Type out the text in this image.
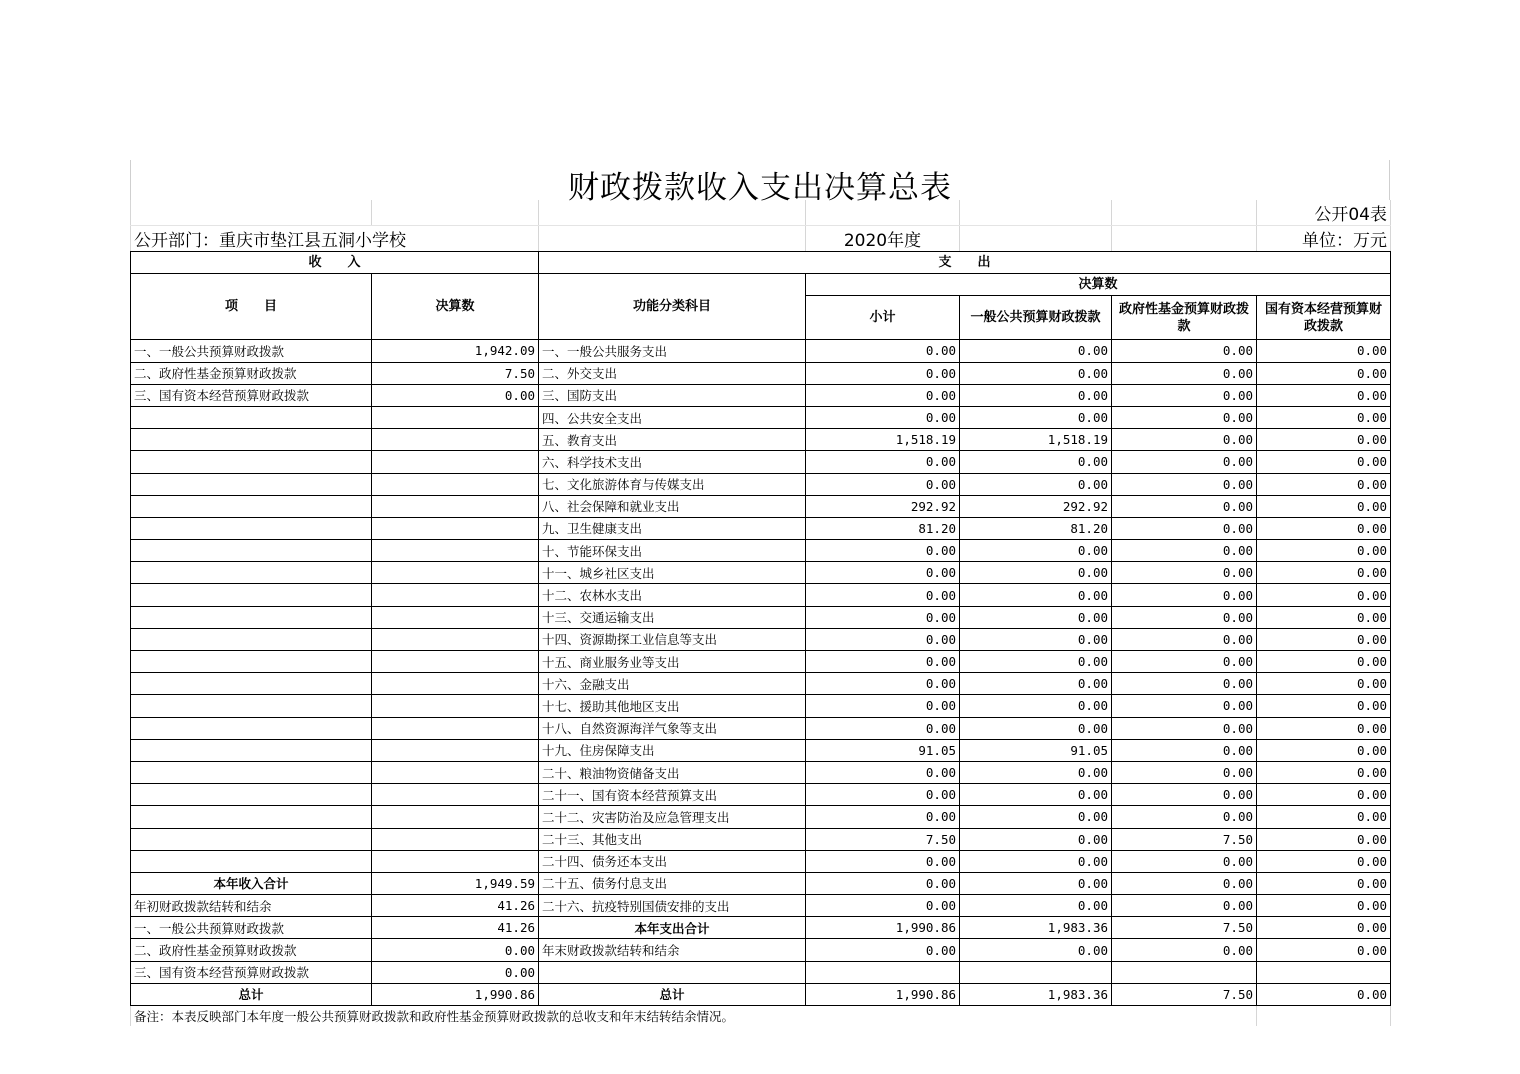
财政拨款收入支出决算总表
						公开04表
公开部门：重庆市垫江县五洞小学校			2020年度			单位：万元
收　　入		支　　出				
项　　目	决算数	功能分类科目	决算数			
			小计	一般公共预算财政拨款	政府性基金预算财政拨款	国有资本经营预算财政拨款
一、一般公共预算财政拨款	1,942.09	一、一般公共服务支出	0.00	0.00	0.00	0.00
二、政府性基金预算财政拨款	7.50	二、外交支出	0.00	0.00	0.00	0.00
三、国有资本经营预算财政拨款	0.00	三、国防支出	0.00	0.00	0.00	0.00
		四、公共安全支出	0.00	0.00	0.00	0.00
		五、教育支出	1,518.19	1,518.19	0.00	0.00
		六、科学技术支出	0.00	0.00	0.00	0.00
		七、文化旅游体育与传媒支出	0.00	0.00	0.00	0.00
		八、社会保障和就业支出	292.92	292.92	0.00	0.00
		九、卫生健康支出	81.20	81.20	0.00	0.00
		十、节能环保支出	0.00	0.00	0.00	0.00
		十一、城乡社区支出	0.00	0.00	0.00	0.00
		十二、农林水支出	0.00	0.00	0.00	0.00
		十三、交通运输支出	0.00	0.00	0.00	0.00
		十四、资源勘探工业信息等支出	0.00	0.00	0.00	0.00
		十五、商业服务业等支出	0.00	0.00	0.00	0.00
		十六、金融支出	0.00	0.00	0.00	0.00
		十七、援助其他地区支出	0.00	0.00	0.00	0.00
		十八、自然资源海洋气象等支出	0.00	0.00	0.00	0.00
		十九、住房保障支出	91.05	91.05	0.00	0.00
		二十、粮油物资储备支出	0.00	0.00	0.00	0.00
		二十一、国有资本经营预算支出	0.00	0.00	0.00	0.00
		二十二、灾害防治及应急管理支出	0.00	0.00	0.00	0.00
		二十三、其他支出	7.50	0.00	7.50	0.00
		二十四、债务还本支出	0.00	0.00	0.00	0.00
本年收入合计	1,949.59	二十五、债务付息支出	0.00	0.00	0.00	0.00
年初财政拨款结转和结余	41.26	二十六、抗疫特别国债安排的支出	0.00	0.00	0.00	0.00
一、一般公共预算财政拨款	41.26	本年支出合计	1,990.86	1,983.36	7.50	0.00
二、政府性基金预算财政拨款	0.00	年末财政拨款结转和结余	0.00	0.00	0.00	0.00
三、国有资本经营预算财政拨款	0.00					
总计	1,990.86	总计	1,990.86	1,983.36	7.50	0.00
备注：本表反映部门本年度一般公共预算财政拨款和政府性基金预算财政拨款的总收支和年末结转结余情况。	
